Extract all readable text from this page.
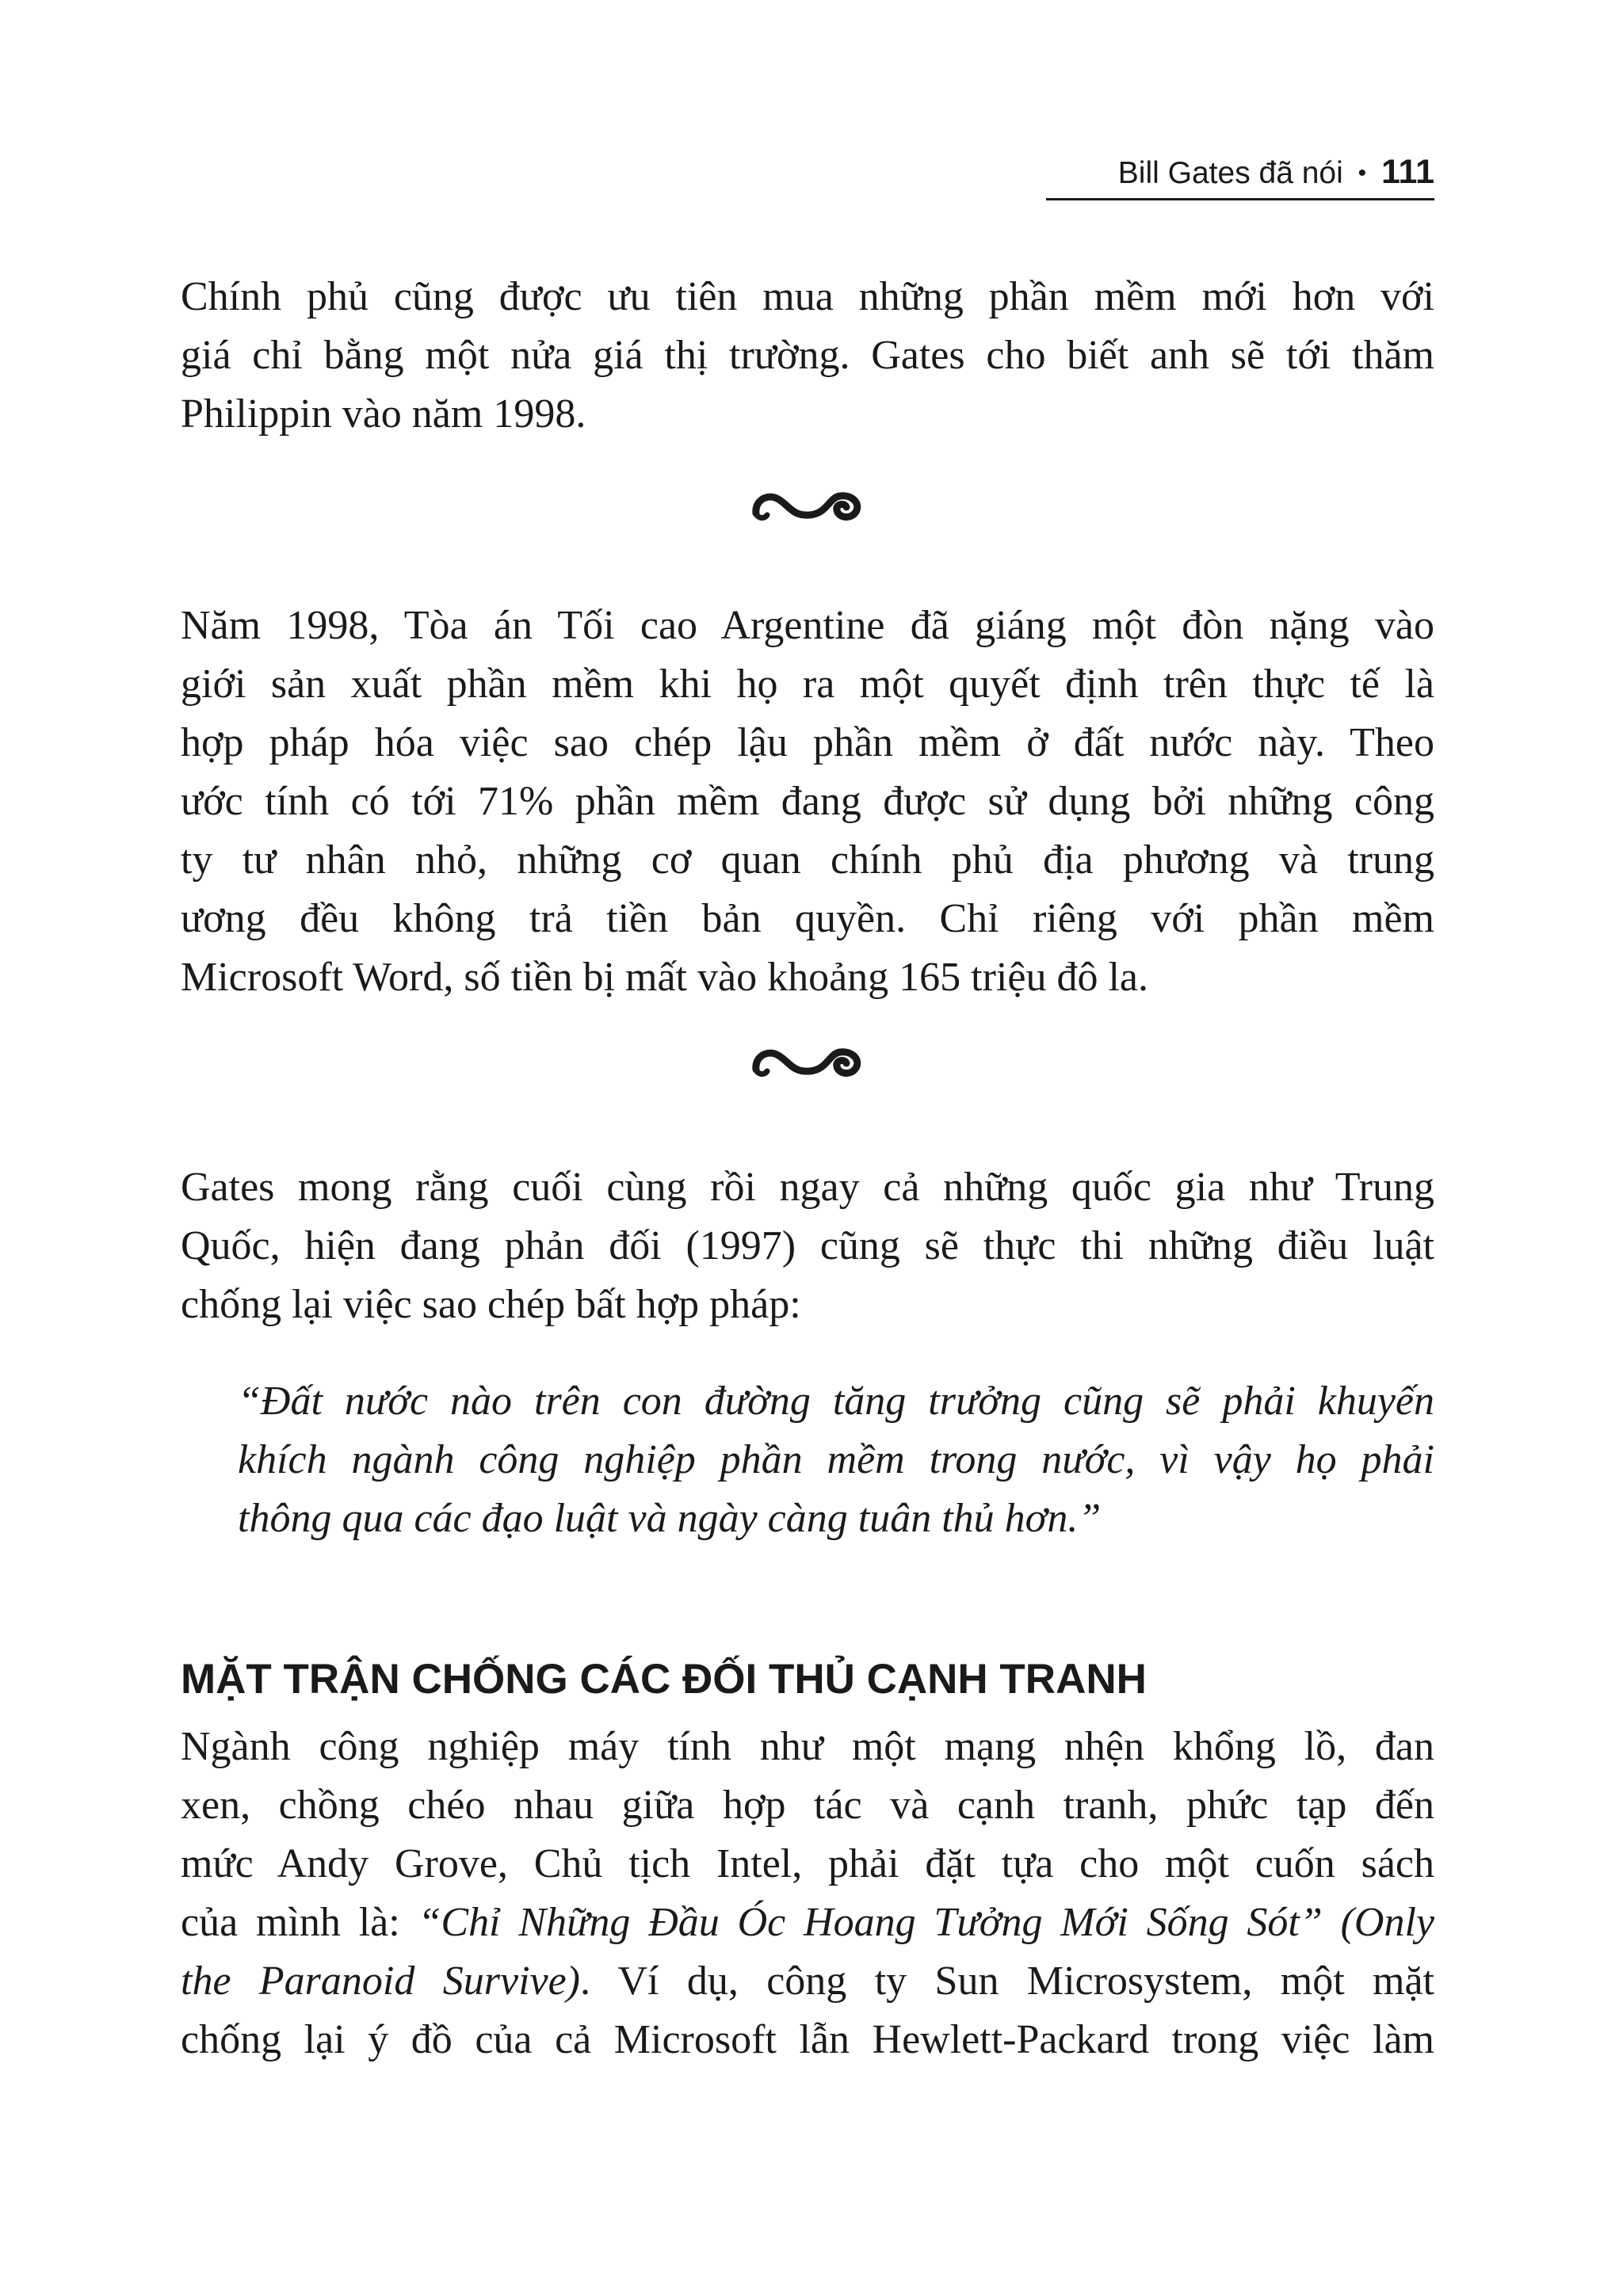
Bill Gates đã nói • 111
Chính phủ cũng được ưu tiên mua những phần mềm mới hơn với
giá chỉ bằng một nửa giá thị trường. Gates cho biết anh sẽ tới thăm
Philippin vào năm 1998.
Năm 1998, Tòa án Tối cao Argentine đã giáng một đòn nặng vào
giới sản xuất phần mềm khi họ ra một quyết định trên thực tế là
hợp pháp hóa việc sao chép lậu phần mềm ở đất nước này. Theo
ước tính có tới 71% phần mềm đang được sử dụng bởi những công
ty tư nhân nhỏ, những cơ quan chính phủ địa phương và trung
ương đều không trả tiền bản quyền. Chỉ riêng với phần mềm
Microsoft Word, số tiền bị mất vào khoảng 165 triệu đô la.
Gates mong rằng cuối cùng rồi ngay cả những quốc gia như Trung
Quốc, hiện đang phản đối (1997) cũng sẽ thực thi những điều luật
chống lại việc sao chép bất hợp pháp:
“Đất nước nào trên con đường tăng trưởng cũng sẽ phải khuyến
khích ngành công nghiệp phần mềm trong nước, vì vậy họ phải
thông qua các đạo luật và ngày càng tuân thủ hơn.”
MẶT TRẬN CHỐNG CÁC ĐỐI THỦ CẠNH TRANH
Ngành công nghiệp máy tính như một mạng nhện khổng lồ, đan
xen, chồng chéo nhau giữa hợp tác và cạnh tranh, phức tạp đến
mức Andy Grove, Chủ tịch Intel, phải đặt tựa cho một cuốn sách
của mình là: “Chỉ Những Đầu Óc Hoang Tưởng Mới Sống Sót” (Only
the Paranoid Survive). Ví dụ, công ty Sun Microsystem, một mặt
chống lại ý đồ của cả Microsoft lẫn Hewlett-Packard trong việc làm
